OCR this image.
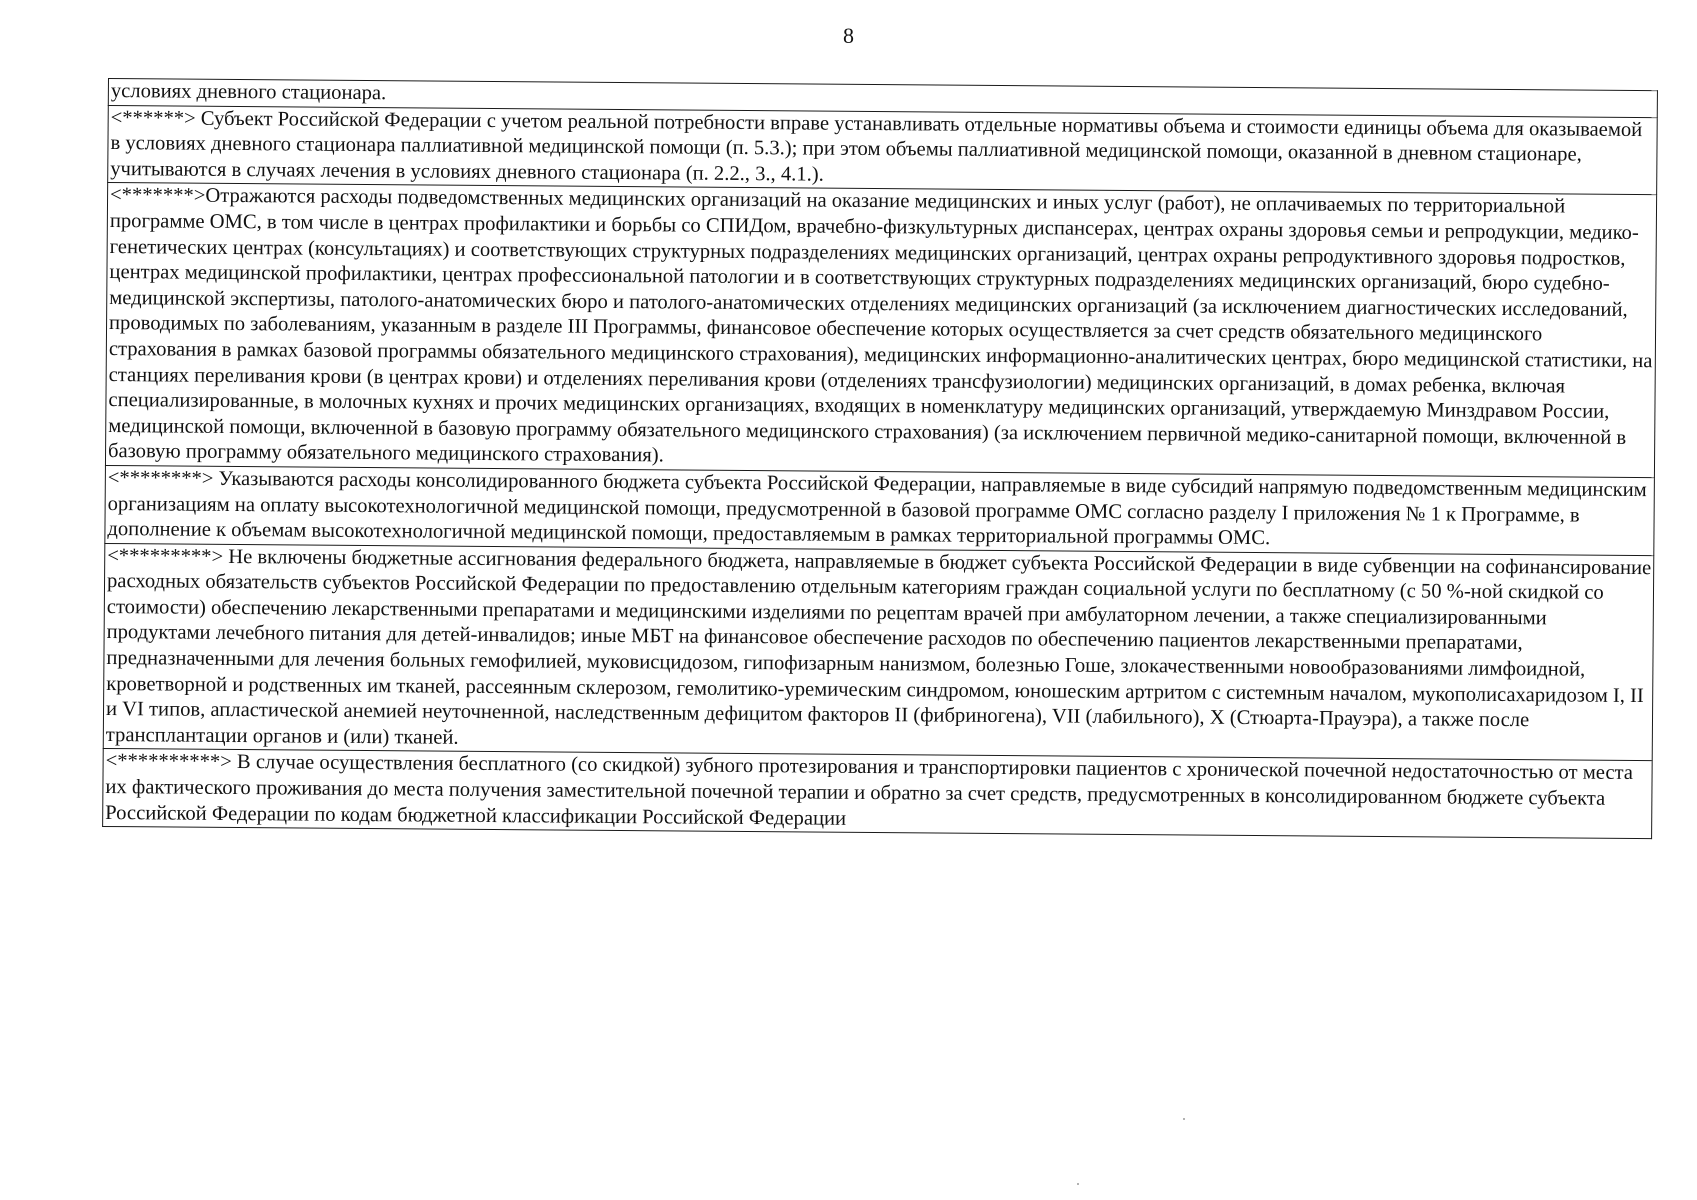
8
условиях дневного стационара.
<******> Субъект Российской Федерации с учетом реальной потребности вправе устанавливать отдельные нормативы объема и стоимости единицы объема для оказываемой в условиях дневного стационара паллиативной медицинской помощи (п. 5.3.); при этом объемы паллиативной медицинской помощи, оказанной в дневном стационаре, учитываются в случаях лечения в условиях дневного стационара (п. 2.2., 3., 4.1.).
<*******>Отражаются расходы подведомственных медицинских организаций на оказание медицинских и иных услуг (работ), не оплачиваемых по территориальной программе ОМС, в том числе в центрах профилактики и борьбы со СПИДом, врачебно-физкультурных диспансерах, центрах охраны здоровья семьи и репродукции, медико- генетических центрах (консультациях) и соответствующих структурных подразделениях медицинских организаций, центрах охраны репродуктивного здоровья подростков, центрах медицинской профилактики, центрах профессиональной патологии и в соответствующих структурных подразделениях медицинских организаций, бюро судебно-медицинской экспертизы, патолого-анатомических бюро и патолого-анатомических отделениях медицинских организаций (за исключением диагностических исследований, проводимых по заболеваниям, указанным в разделе III Программы, финансовое обеспечение которых осуществляется за счет средств обязательного медицинского страхования в рамках базовой программы обязательного медицинского страхования), медицинских информационно-аналитических центрах, бюро медицинской статистики, на станциях переливания крови (в центрах крови) и отделениях переливания крови (отделениях трансфузиологии) медицинских организаций, в домах ребенка, включая специализированные, в молочных кухнях и прочих медицинских организациях, входящих в номенклатуру медицинских организаций, утверждаемую Минздравом России, медицинской помощи, включенной в базовую программу обязательного медицинского страхования) (за исключением первичной медико-санитарной помощи, включенной в базовую программу обязательного медицинского страхования).
<********> Указываются расходы консолидированного бюджета субъекта Российской Федерации, направляемые в виде субсидий напрямую подведомственным медицинским организациям на оплату высокотехнологичной медицинской помощи, предусмотренной в базовой программе ОМС согласно разделу I приложения № 1 к Программе, в дополнение к объемам высокотехнологичной медицинской помощи, предоставляемым в рамках территориальной программы ОМС.
<*********> Не включены бюджетные ассигнования федерального бюджета, направляемые в бюджет субъекта Российской Федерации в виде субвенции на софинансирование расходных обязательств субъектов Российской Федерации по предоставлению отдельным категориям граждан социальной услуги по бесплатному (с 50 %-ной скидкой со стоимости) обеспечению лекарственными препаратами и медицинскими изделиями по рецептам врачей при амбулаторном лечении, а также специализированными продуктами лечебного питания для детей-инвалидов; иные МБТ на финансовое обеспечение расходов по обеспечению пациентов лекарственными препаратами, предназначенными для лечения больных гемофилией, муковисцидозом, гипофизарным нанизмом, болезнью Гоше, злокачественными новообразованиями лимфоидной, кроветворной и родственных им тканей, рассеянным склерозом, гемолитико-уремическим синдромом, юношеским артритом с системным началом, мукополисахаридозом I, II и VI типов, апластической анемией неуточненной, наследственным дефицитом факторов II (фибриногена), VII (лабильного), X (Стюарта-Прауэра), а также после трансплантации органов и (или) тканей.
<**********> В случае осуществления бесплатного (со скидкой) зубного протезирования и транспортировки пациентов с хронической почечной недостаточностью от места их фактического проживания до места получения заместительной почечной терапии и обратно за счет средств, предусмотренных в консолидированном бюджете субъекта Российской Федерации по кодам бюджетной классификации Российской Федерации
